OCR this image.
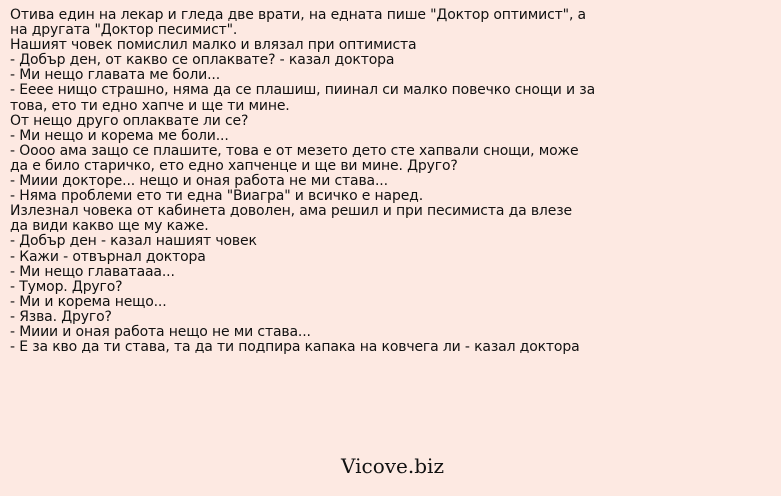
Отива един на лекар и гледа две врати, на едната пише "Доктор оптимист", а
на другата "Доктор песимист".
Нашият човек помислил малко и влязал при оптимиста
- Добър ден, от какво се оплаквате? - казал доктора
- Ми нещо главата ме боли...
- Ееее нищо страшно, няма да се плашиш, пиинал си малко повечко снощи и за
това, ето ти едно хапче и ще ти мине.
От нещо друго оплаквате ли се?
- Ми нещо и корема ме боли...
- Оооо ама защо се плашите, това е от мезето дето сте хапвали снощи, може
да е било старичко, ето едно хапченце и ще ви мине. Друго?
- Миии доктоpе... нещо и оная работа не ми става...
- Няма проблеми ето ти една "Виагра" и всичко е наред.
Излезнал човека от кабинета доволен, ама решил и при песимиста да влезе
да види какво ще му каже.
- Добър ден - казал нашият човек
- Кажи - отвърнал доктора
- Ми нещо главатааа...
- Тумор. Друго?
- Ми и корема нещо...
- Язва. Друго?
- Миии и оная работа нещо не ми става...
- Е за кво да ти става, та да ти подпира капака на ковчега ли - казал доктора
Vicove.biz
